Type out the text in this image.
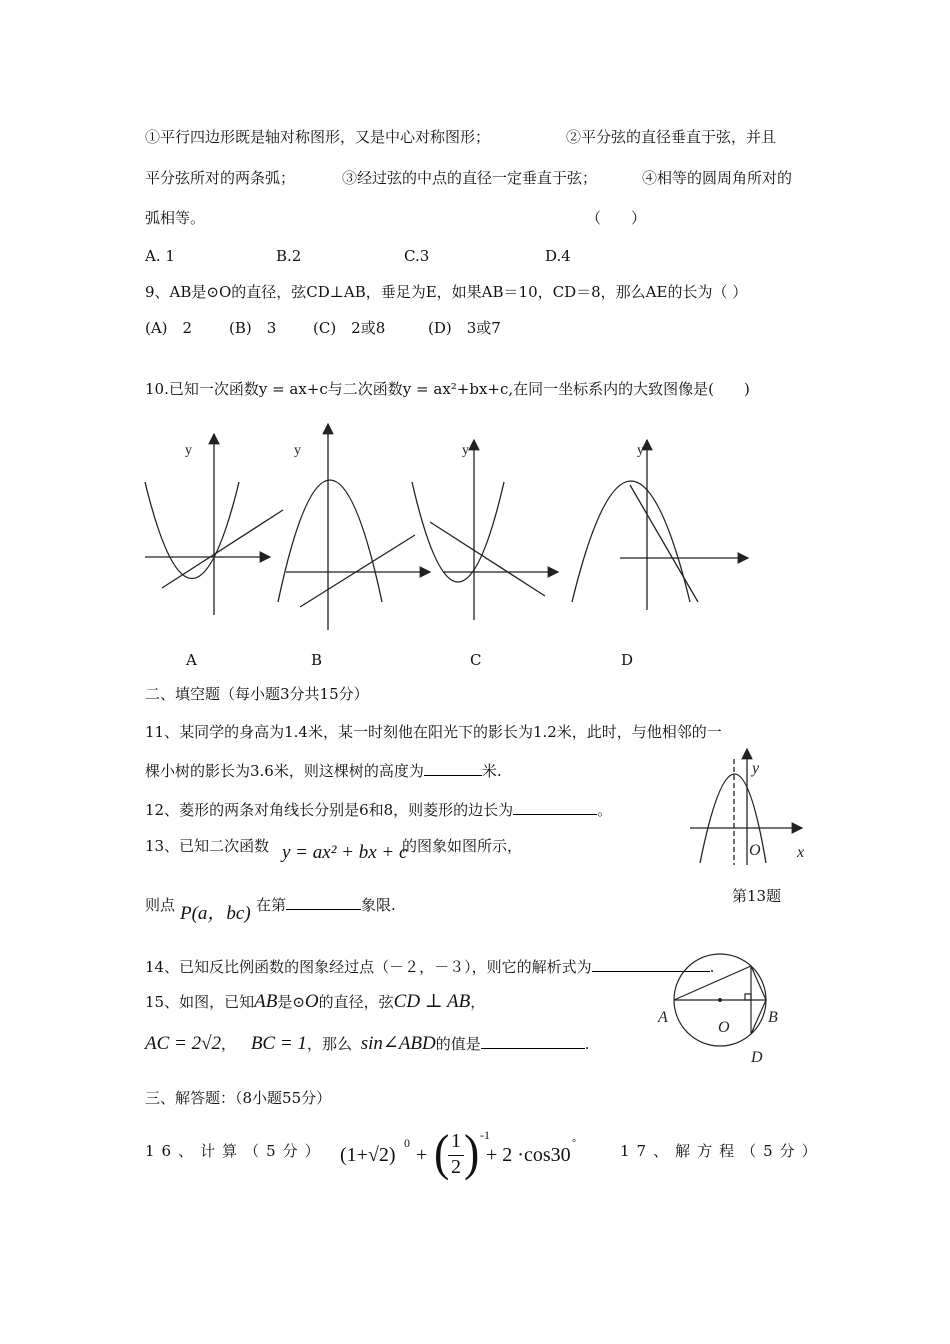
①平行四边形既是轴对称图形，又是中心对称图形；	②平分弦的直径垂直于弦，并且
平分弦所对的两条弧；	③经过弦的中点的直径一定垂直于弦；	④相等的圆周角所对的
弧相等。	（　　）
A. 1	B.2	C.3	D.4
9、AB是⊙O的直径，弦CD⊥AB，垂足为E，如果AB＝10，CD＝8，那么AE的长为（ ）
(A)　2 (B)　3 (C)　2或8	(D)　3或7
10.已知一次函数y = ax+c与二次函数y = ax²+bx+c,在同一坐标系内的大致图像是(　　)
y	y	y	y
A	B	C	D
二、填空题（每小题3分共15分）
11、某同学的身高为1.4米，某一时刻他在阳光下的影长为1.2米，此时，与他相邻的一
棵小树的影长为3.6米，则这棵树的高度为	米.
12、菱形的两条对角线长分别是6和8，则菱形的边长为	。
13、已知二次函数 y = ax² + bx + c
的图象如图所示，
则点 P(a，bc) 在第	象限.
y
O x
第13题
14、已知反比例函数的图象经过点（－２，－３），则它的解析式为	.
15、如图，已知AB是⊙O的直径，弦CD ⊥ AB，
AC = 2√2， BC = 1，那么 sin∠ABD的值是	.
A
O
B
D
三、解答题：（8小题55分）
16、计算（5分） (1+√2)
0
+ ( 1
2 ) -1
+ 2 ·cos30
°	17、解方程（5分）
